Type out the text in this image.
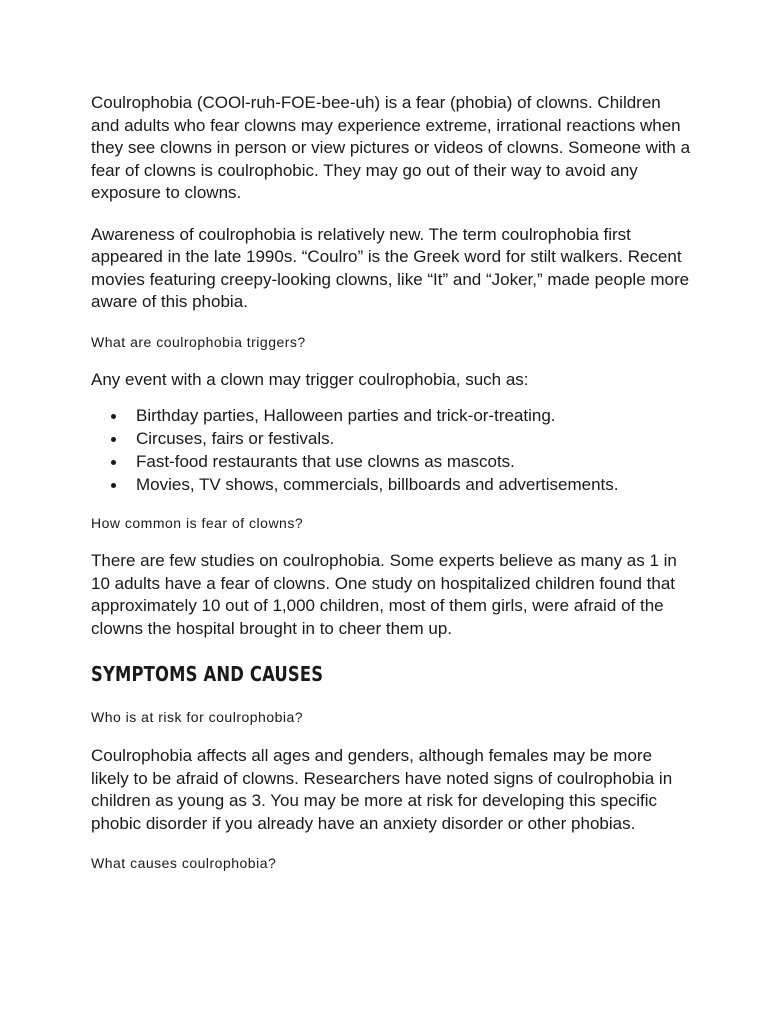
Coulrophobia (COOl-ruh-FOE-bee-uh) is a fear (phobia) of clowns. Children and adults who fear clowns may experience extreme, irrational reactions when they see clowns in person or view pictures or videos of clowns. Someone with a fear of clowns is coulrophobic. They may go out of their way to avoid any exposure to clowns.

Awareness of coulrophobia is relatively new. The term coulrophobia first appeared in the late 1990s. “Coulro” is the Greek word for stilt walkers. Recent movies featuring creepy-looking clowns, like “It” and “Joker,” made people more aware of this phobia.

What are coulrophobia triggers?

Any event with a clown may trigger coulrophobia, such as:

Birthday parties, Halloween parties and trick-or-treating.
Circuses, fairs or festivals.
Fast-food restaurants that use clowns as mascots.
Movies, TV shows, commercials, billboards and advertisements.
How common is fear of clowns?

There are few studies on coulrophobia. Some experts believe as many as 1 in 10 adults have a fear of clowns. One study on hospitalized children found that approximately 10 out of 1,000 children, most of them girls, were afraid of the clowns the hospital brought in to cheer them up.

SYMPTOMS AND CAUSES
Who is at risk for coulrophobia?

Coulrophobia affects all ages and genders, although females may be more likely to be afraid of clowns. Researchers have noted signs of coulrophobia in children as young as 3. You may be more at risk for developing this specific phobic disorder if you already have an anxiety disorder or other phobias.

What causes coulrophobia?
